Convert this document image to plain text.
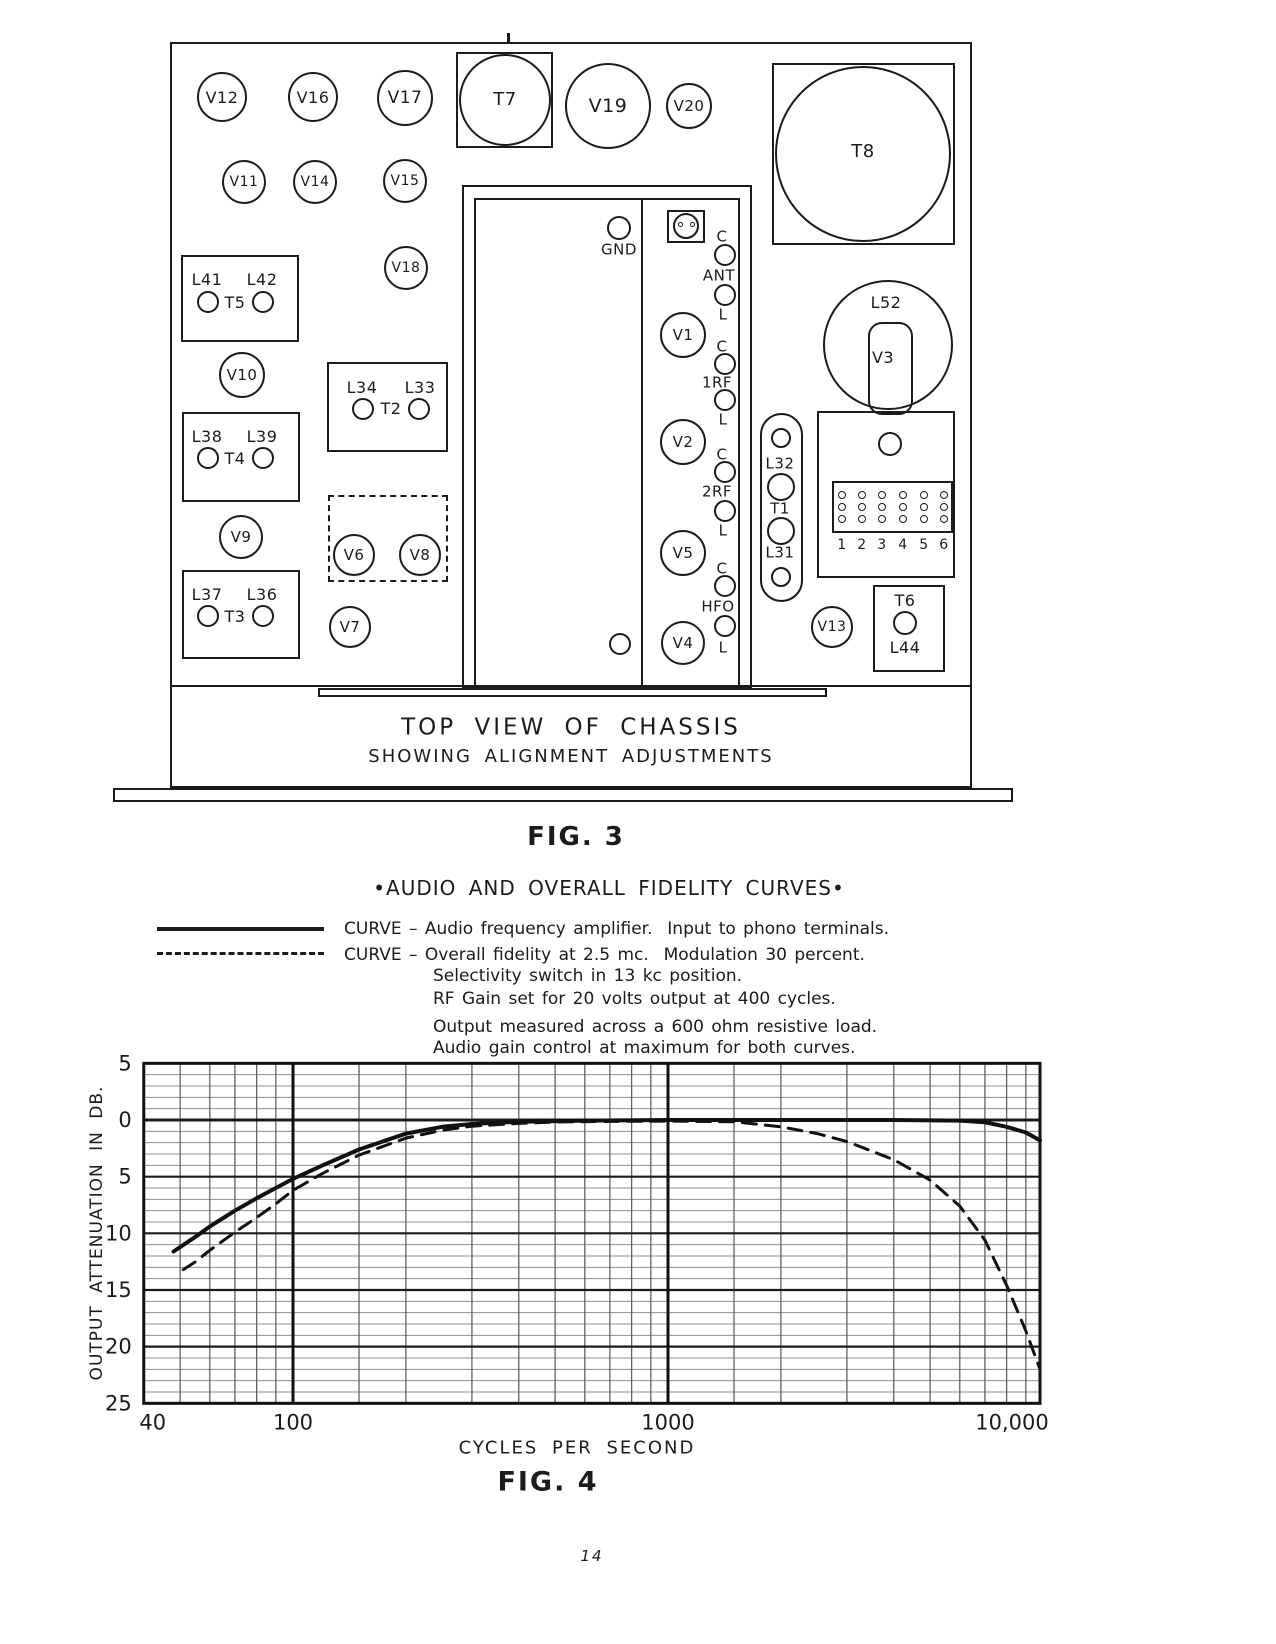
V12	V16	V17	V19	V20
V11	V14	V15
V18
V10
V9
V6	V8
V7
V1
V2
V5
V4
V13
GND
C
ANT
L
C
1RF
L
C
2RF
L
C
HFO
L
T7
T8
L41 L42
T5
L34 L33
T2
L38 L39
T4
L37 L36
T3
L32
T1
L31
L52
V3
T6
L44
1 2 3 4 5 6
TOP VIEW OF CHASSIS
SHOWING ALIGNMENT ADJUSTMENTS
FIG. 3
•AUDIO AND OVERALL FIDELITY CURVES•
CURVE – Audio frequency amplifier.  Input to phono terminals.
CURVE – Overall fidelity at 2.5 mc.  Modulation 30 percent.
Selectivity switch in 13 kc position.
RF Gain set for 20 volts output at 400 cycles.
Output measured across a 600 ohm resistive load.
Audio gain control at maximum for both curves.
OUTPUT ATTENUATION IN DB.
5
0
5
10
15
20
25
40	100	1000	10,000
CYCLES PER SECOND
FIG. 4
14
